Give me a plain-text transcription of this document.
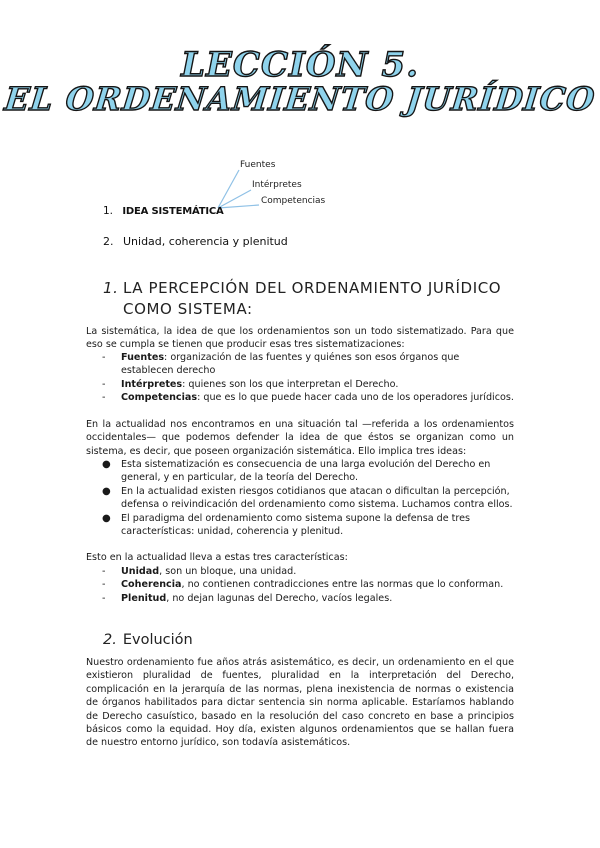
LECCIÓN 5.
EL ORDENAMIENTO JURÍDICO
Fuentes
Intérpretes
Competencias
1. IDEA SISTEMÁTICA
2. Unidad, coherencia y plenitud
1. LA PERCEPCIÓN DEL ORDENAMIENTO JURÍDICO COMO SISTEMA:
La sistemática, la idea de que los ordenamientos son un todo sistematizado. Para que eso se cumpla se tienen que producir esas tres sistematizaciones:
- Fuentes: organización de las fuentes y quiénes son esos órganos que establecen derecho
- Intérpretes: quienes son los que interpretan el Derecho.
- Competencias: que es lo que puede hacer cada uno de los operadores jurídicos.
En la actualidad nos encontramos en una situación tal —referida a los ordenamientos occidentales— que podemos defender la idea de que éstos se organizan como un sistema, es decir, que poseen organización sistemática. Ello implica tres ideas:
● Esta sistematización es consecuencia de una larga evolución del Derecho en general, y en particular, de la teoría del Derecho.
● En la actualidad existen riesgos cotidianos que atacan o dificultan la percepción, defensa o reivindicación del ordenamiento como sistema. Luchamos contra ellos.
● El paradigma del ordenamiento como sistema supone la defensa de tres características: unidad, coherencia y plenitud.
Esto en la actualidad lleva a estas tres características:
- Unidad, son un bloque, una unidad.
- Coherencia, no contienen contradicciones entre las normas que lo conforman.
- Plenitud, no dejan lagunas del Derecho, vacíos legales.
2. Evolución
Nuestro ordenamiento fue años atrás asistemático, es decir, un ordenamiento en el que existieron pluralidad de fuentes, pluralidad en la interpretación del Derecho, complicación en la jerarquía de las normas, plena inexistencia de normas o existencia de órganos habilitados para dictar sentencia sin norma aplicable. Estaríamos hablando de Derecho casuístico, basado en la resolución del caso concreto en base a principios básicos como la equidad. Hoy día, existen algunos ordenamientos que se hallan fuera de nuestro entorno jurídico, son todavía asistemáticos.
